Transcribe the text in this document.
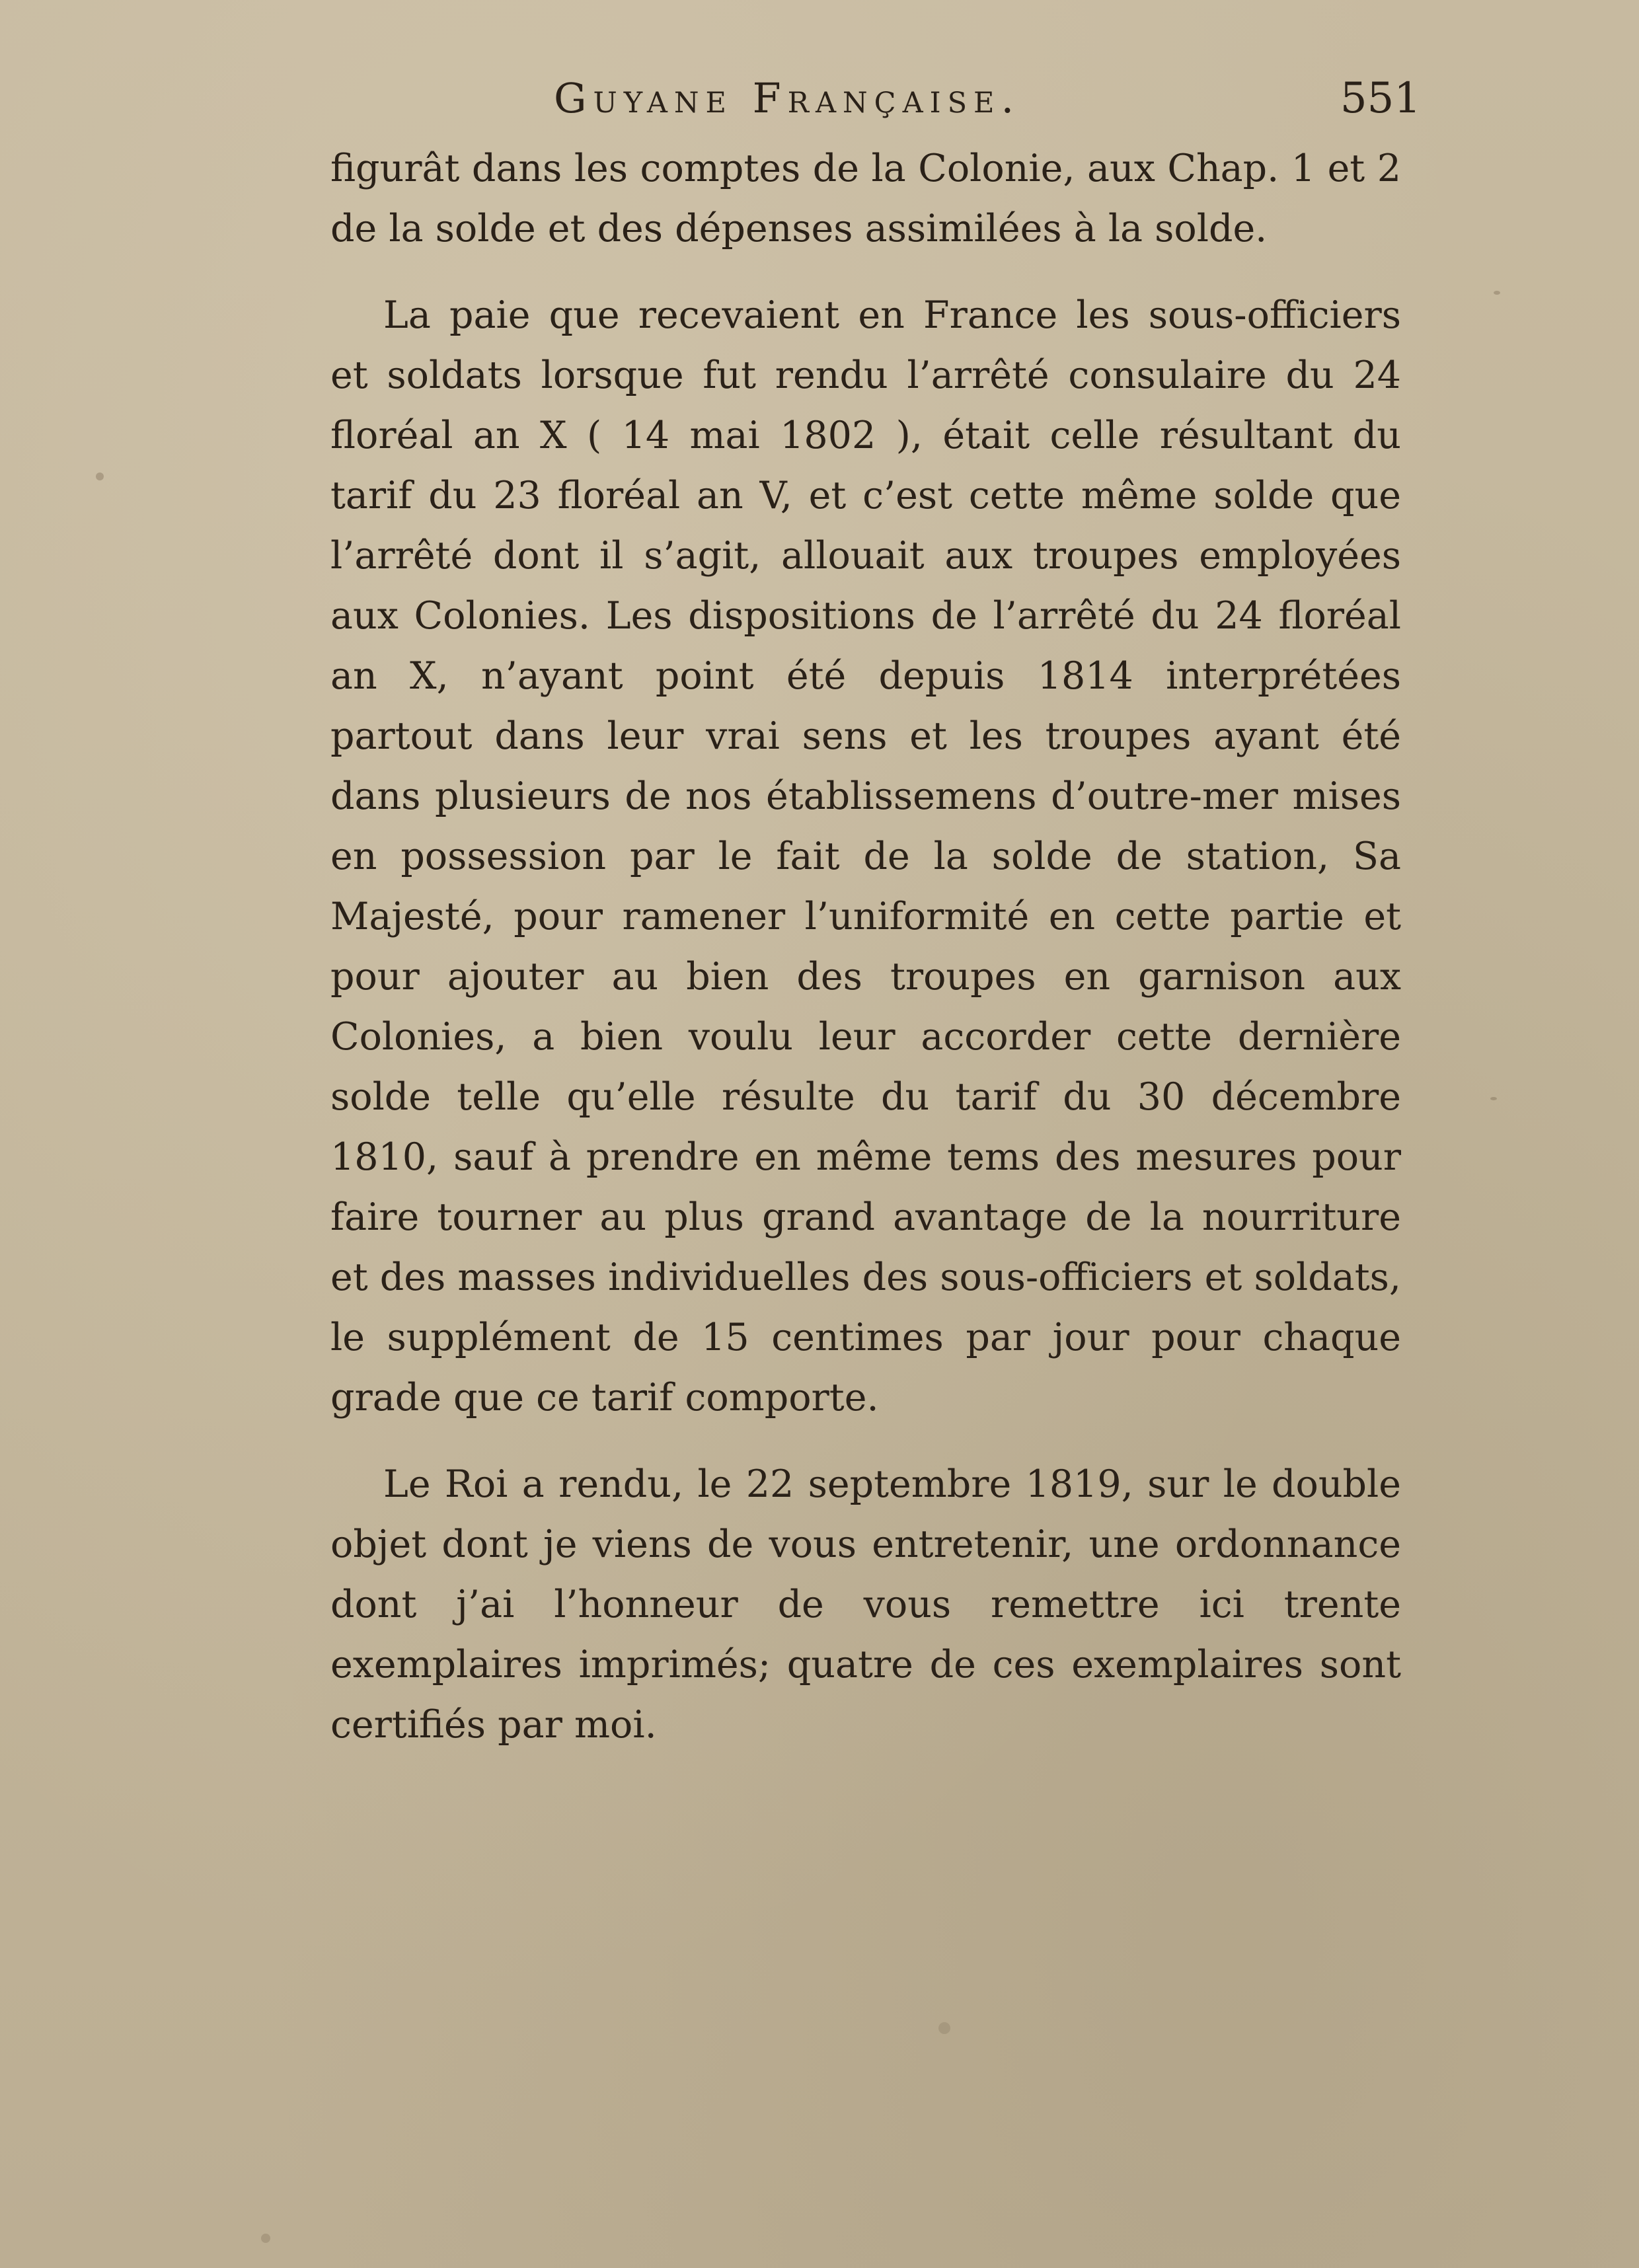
Guyane Française.	551

figurât dans les comptes de la Colonie, aux Chap. 1 et 2 de la solde et des dépenses assimilées à la solde.

La paie que recevaient en France les sous-officiers et soldats lorsque fut rendu l’arrêté consulaire du 24 floréal an X ( 14 mai 1802 ), était celle résultant du tarif du 23 floréal an V, et c’est cette même solde que l’arrêté dont il s’agit, allouait aux troupes employées aux Colonies. Les dispositions de l’arrêté du 24 floréal an X, n’ayant point été depuis 1814 interprétées partout dans leur vrai sens et les troupes ayant été dans plusieurs de nos établissemens d’outre-mer mises en possession par le fait de la solde de station, Sa Majesté, pour ramener l’uniformité en cette partie et pour ajouter au bien des troupes en garnison aux Colonies, a bien voulu leur accorder cette dernière solde telle qu’elle résulte du tarif du 30 décembre 1810, sauf à prendre en même tems des mesures pour faire tourner au plus grand avantage de la nourriture et des masses individuelles des sous-officiers et soldats, le supplément de 15 centimes par jour pour chaque grade que ce tarif comporte.

Le Roi a rendu, le 22 septembre 1819, sur le double objet dont je viens de vous entretenir, une ordonnance dont j’ai l’honneur de vous remettre ici trente exemplaires imprimés; quatre de ces exemplaires sont certifiés par moi.
